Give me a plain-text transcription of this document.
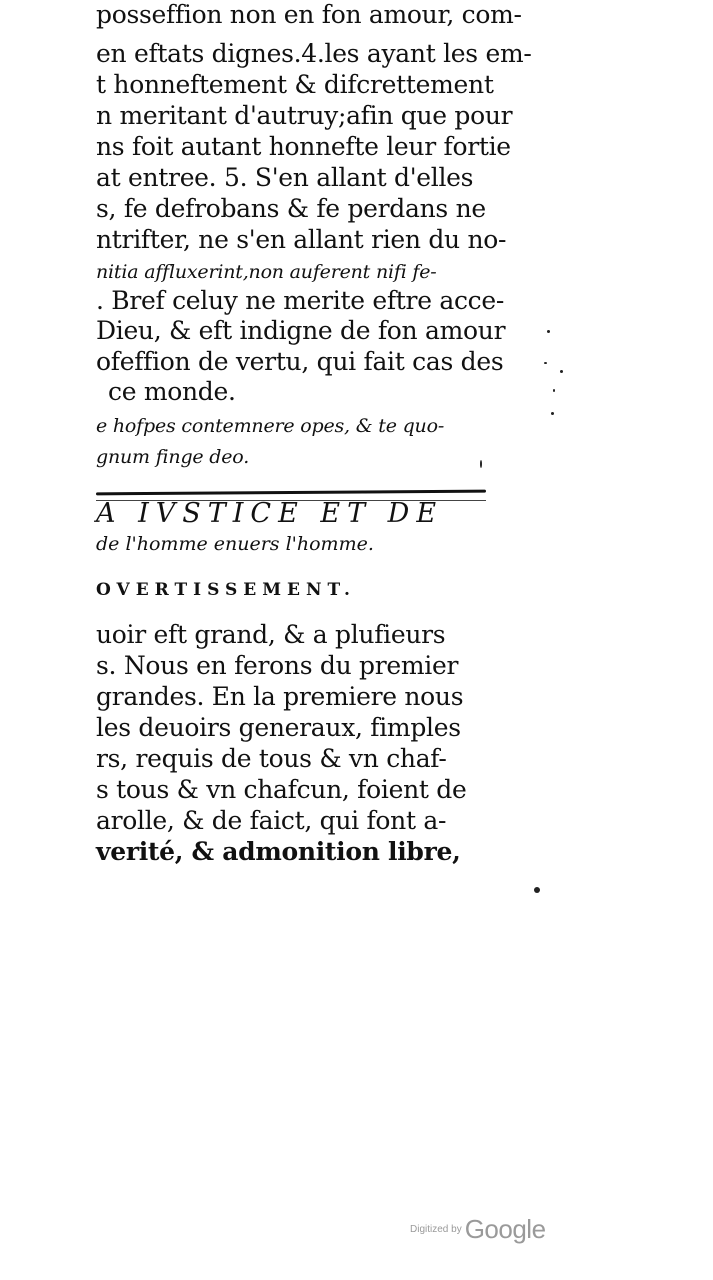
posseffion non en fon amour, com-
en eftats dignes.4.les ayant les em-
t honneftement & difcrettement
n meritant d'autruy;afin que pour
ns foit autant honnefte leur fortie
at entree. 5. S'en allant d'elles
s, fe defrobans & fe perdans ne
ntrifter, ne s'en allant rien du no-
nitia affluxerint,non auferent nifi fe-
. Bref celuy ne merite eftre acce-
Dieu, & eft indigne de fon amour
ofeffion de vertu, qui fait cas des
ce monde.
e hofpes contemnere opes, & te quo-
gnum finge deo.
A IVSTICE ET DE
de l'homme enuers l'homme.
OVERTISSEMENT.
uoir eft grand, & a plufieurs
s. Nous en ferons du premier
grandes. En la premiere nous
les deuoirs generaux, fimples
rs, requis de tous & vn chaf-
s tous & vn chafcun, foient de
arolle, & de faict, qui font a-
verité, & admonition libre,
Digitized by Google
